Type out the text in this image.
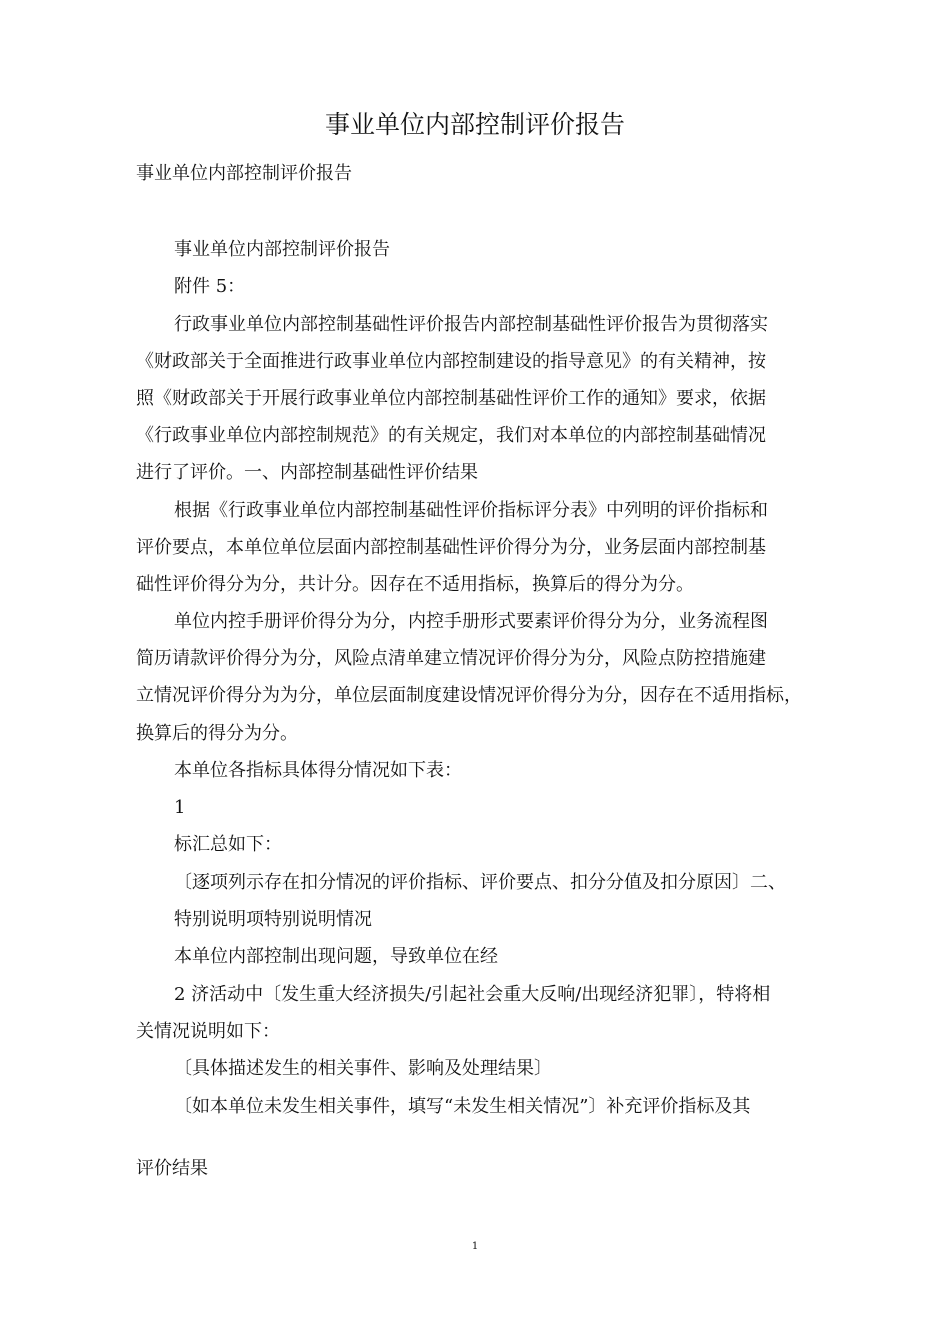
事业单位内部控制评价报告
事业单位内部控制评价报告
事业单位内部控制评价报告
附件 5：
行政事业单位内部控制基础性评价报告内部控制基础性评价报告为贯彻落实
《财政部关于全面推进行政事业单位内部控制建设的指导意见》的有关精神，按
照《财政部关于开展行政事业单位内部控制基础性评价工作的通知》要求，依据
《行政事业单位内部控制规范》的有关规定，我们对本单位的内部控制基础情况
进行了评价。一、内部控制基础性评价结果
根据《行政事业单位内部控制基础性评价指标评分表》中列明的评价指标和
评价要点，本单位单位层面内部控制基础性评价得分为分，业务层面内部控制基
础性评价得分为分，共计分。因存在不适用指标，换算后的得分为分。
单位内控手册评价得分为分，内控手册形式要素评价得分为分，业务流程图
简历请款评价得分为分，风险点清单建立情况评价得分为分，风险点防控措施建
立情况评价得分为为分，单位层面制度建设情况评价得分为分，因存在不适用指标，
换算后的得分为分。
本单位各指标具体得分情况如下表：
1
标汇总如下：
〔逐项列示存在扣分情况的评价指标、评价要点、扣分分值及扣分原因〕二、
特别说明项特别说明情况
本单位内部控制出现问题，导致单位在经
2 济活动中〔发生重大经济损失/引起社会重大反响/出现经济犯罪〕，特将相
关情况说明如下：
〔具体描述发生的相关事件、影响及处理结果〕
〔如本单位未发生相关事件，填写“未发生相关情况”〕补充评价指标及其
评价结果
1
